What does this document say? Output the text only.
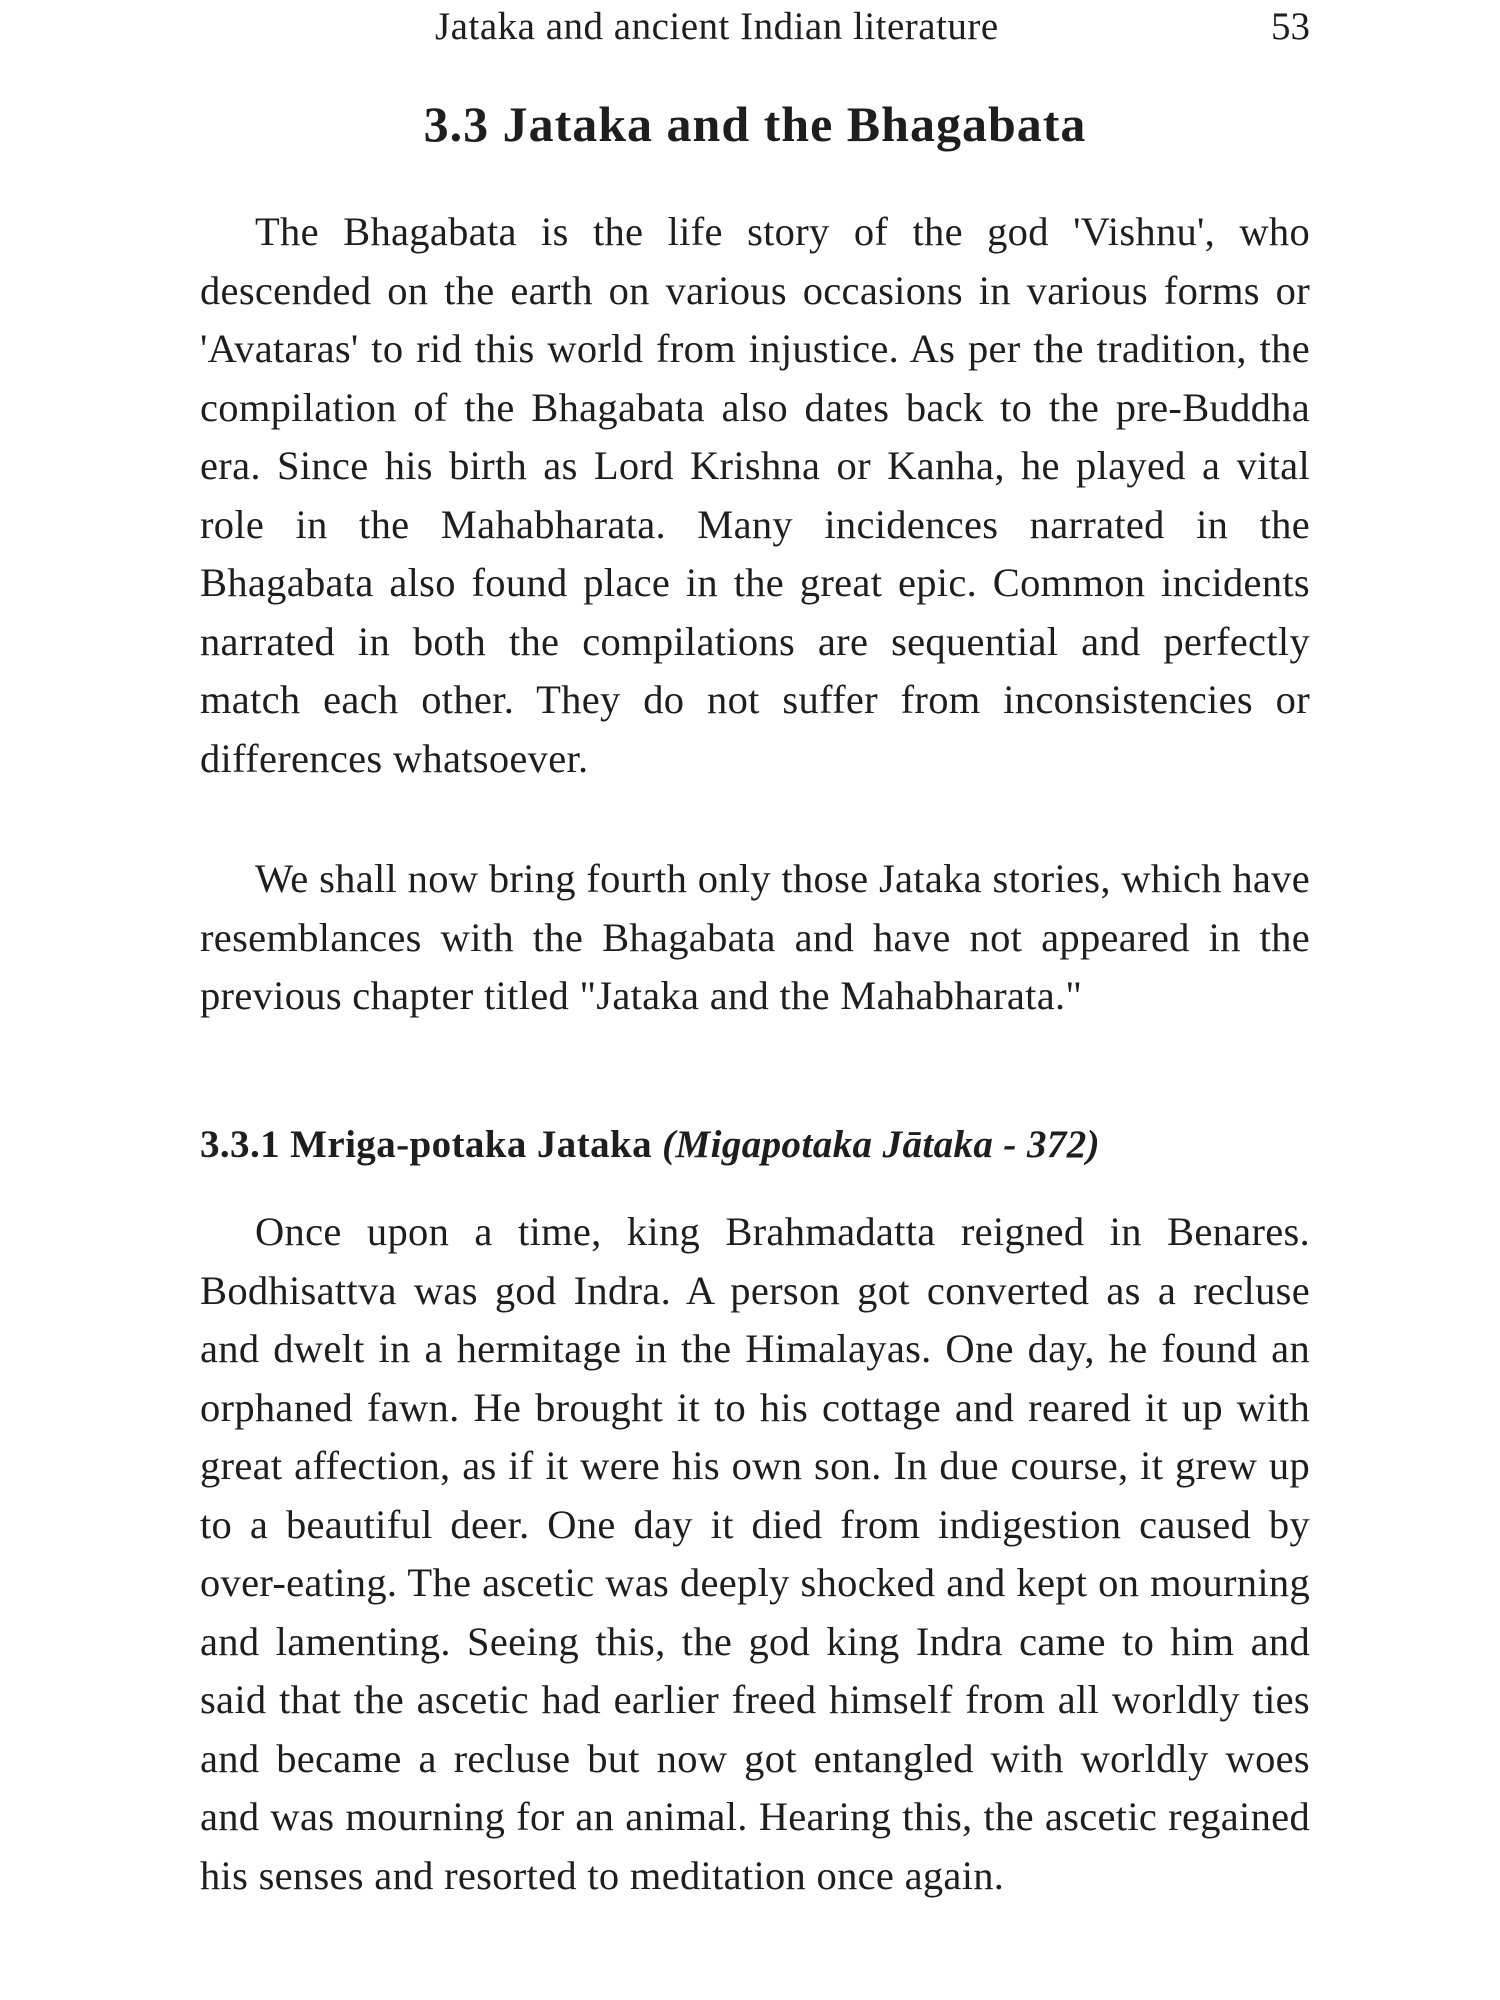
Jataka and ancient Indian literature	53
3.3 Jataka and the Bhagabata

The Bhagabata is the life story of the god 'Vishnu', who descended on the earth on various occasions in various forms or 'Avataras' to rid this world from injustice. As per the tradition, the compilation of the Bhagabata also dates back to the pre-Buddha era. Since his birth as Lord Krishna or Kanha, he played a vital role in the Mahabharata. Many incidences narrated in the Bhagabata also found place in the great epic. Common incidents narrated in both the compilations are sequential and perfectly match each other. They do not suffer from inconsistencies or differences whatsoever.

We shall now bring fourth only those Jataka stories, which have resemblances with the Bhagabata and have not appeared in the previous chapter titled "Jataka and the Mahabharata."

3.3.1 Mriga-potaka Jataka (Migapotaka Jātaka - 372)

Once upon a time, king Brahmadatta reigned in Benares. Bodhisattva was god Indra. A person got converted as a recluse and dwelt in a hermitage in the Himalayas. One day, he found an orphaned fawn. He brought it to his cottage and reared it up with great affection, as if it were his own son. In due course, it grew up to a beautiful deer. One day it died from indigestion caused by over-eating. The ascetic was deeply shocked and kept on mourning and lamenting. Seeing this, the god king Indra came to him and said that the ascetic had earlier freed himself from all worldly ties and became a recluse but now got entangled with worldly woes and was mourning for an animal. Hearing this, the ascetic regained his senses and resorted to meditation once again.
